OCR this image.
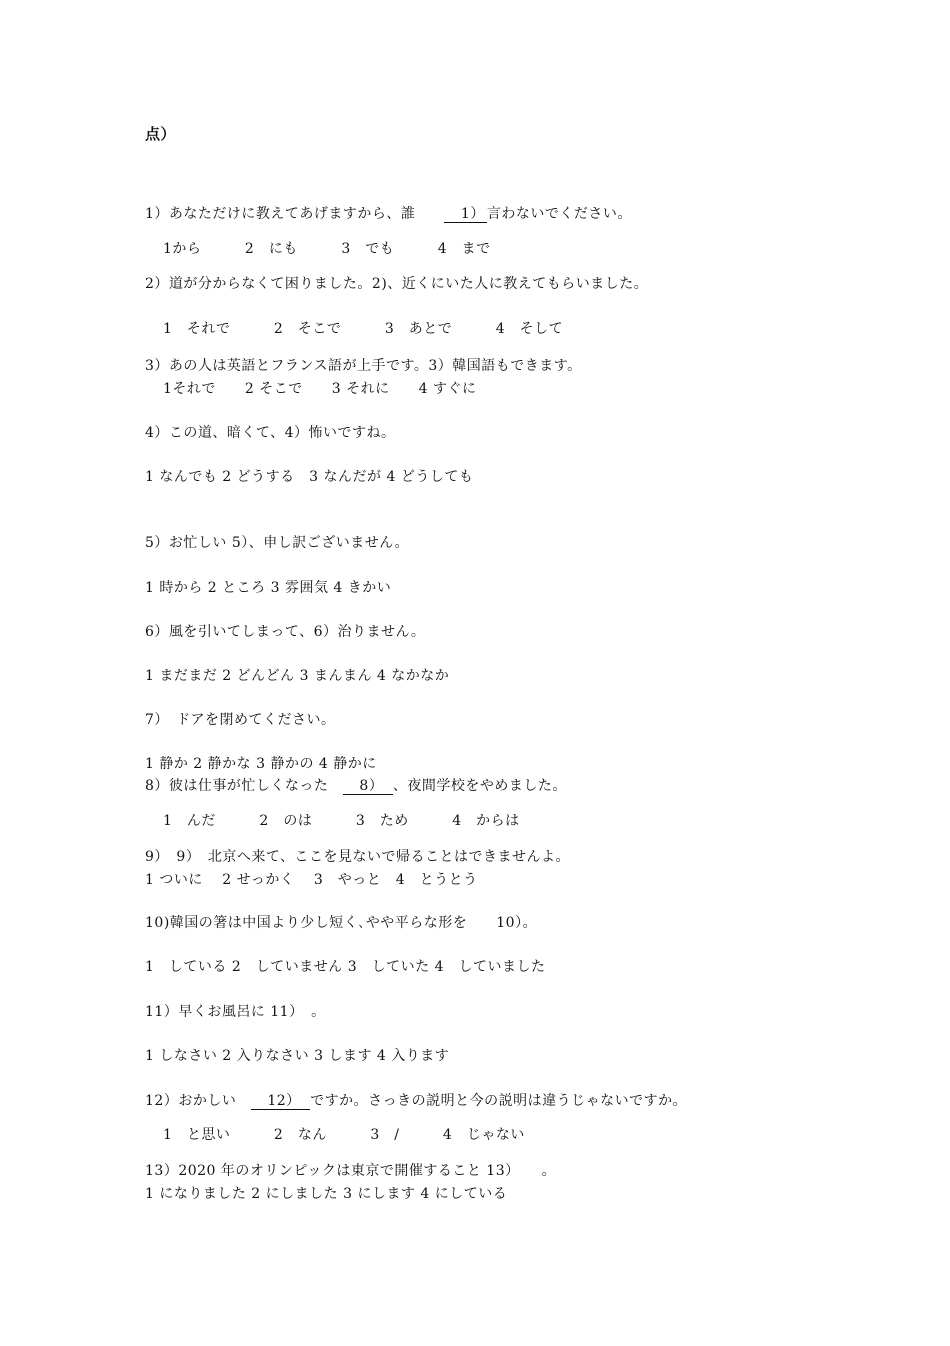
点）
1）あなただけに教えてあげますから、誰　　　1） 言わないでください。
1から　　　2　にも　　　3　でも　　　4　まで
2）道が分からなくて困りました。2)、近くにいた人に教えてもらいました。
1　それで　　　2　そこで　　　3　あとで　　　4　そして
3）あの人は英語とフランス語が上手です。3）韓国語もできます。
1それで　　2 そこで　　3 それに　　4 すぐに
4）この道、暗くて、4）怖いですね。
1 なんでも 2 どうする　3 なんだが 4 どうしても
5）お忙しい 5）、申し訳ございません。
1 時から 2 ところ 3 雰囲気 4 きかい
6）風を引いてしまって、6）治りません。
1 まだまだ 2 どんどん 3 まんまん 4 なかなか
7）　ドアを閉めてください。
1 静か 2 静かな 3 静かの 4 静かに
8）彼は仕事が忙しくなった　　8）　、夜間学校をやめました。
1　んだ　　　2　のは　　　3　ため　　　4　からは
9）　9）　北京へ来て、ここを見ないで帰ることはできませんよ。
1 ついに　 2 せっかく　 3　やっと　4　とうとう
10)韓国の箸は中国より少し短く､やや平らな形を　　10）。
1　している 2　していません 3　していた 4　していました
11）早くお風呂に 11）　。
1 しなさい 2 入りなさい 3 します 4 入ります
12）おかしい　　12）　ですか。さっきの説明と今の説明は違うじゃないですか。
1　と思い　　　2　なん　　　3　/　　　4　じゃない
13）2020 年のオリンピックは東京で開催すること 13）　　。
1 になりました 2 にしました 3 にします 4 にしている
